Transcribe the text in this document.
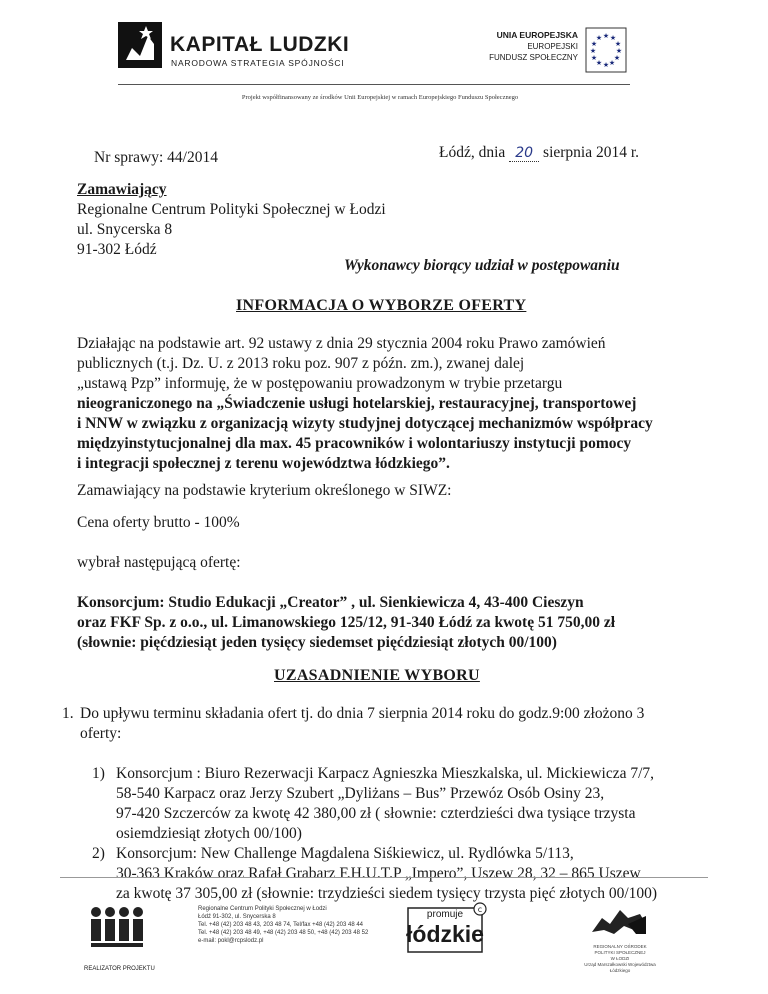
KAPITAŁ LUDZKI
NARODOWA STRATEGIA SPÓJNOŚCI
UNIA EUROPEJSKA
EUROPEJSKI
FUNDUSZ SPOŁECZNY
★ ★
★
★
★
★
★
★
★
★
★
★
Projekt współfinansowany ze środków Unii Europejskiej w ramach Europejskiego Funduszu Społecznego
Łódź, dnia 20 sierpnia 2014 r.
Nr sprawy: 44/2014
Zamawiający
Regionalne Centrum Polityki Społecznej w Łodzi
ul. Snycerska 8
91-302 Łódź
Wykonawcy biorący udział w postępowaniu
INFORMACJA O WYBORZE OFERTY
Działając na podstawie art. 92 ustawy z dnia 29 stycznia 2004 roku Prawo zamówień
publicznych (t.j. Dz. U. z 2013 roku poz. 907 z późn. zm.), zwanej dalej
„ustawą Pzp” informuję, że w postępowaniu prowadzonym w trybie przetargu
nieograniczonego na „Świadczenie usługi hotelarskiej, restauracyjnej, transportowej
i NNW w związku z organizacją wizyty studyjnej dotyczącej mechanizmów współpracy
międzyinstytucjonalnej dla max. 45 pracowników i wolontariuszy instytucji pomocy
i integracji społecznej z terenu województwa łódzkiego”.
Zamawiający na podstawie kryterium określonego w SIWZ:
Cena oferty brutto - 100%
wybrał następującą ofertę:
Konsorcjum: Studio Edukacji „Creator” , ul. Sienkiewicza 4, 43-400 Cieszyn
oraz FKF Sp. z o.o., ul. Limanowskiego 125/12, 91-340 Łódź za kwotę 51 750,00 zł
(słownie: pięćdziesiąt jeden tysięcy siedemset pięćdziesiąt złotych 00/100)
UZASADNIENIE WYBORU
1. Do upływu terminu składania ofert tj. do dnia 7 sierpnia 2014 roku do godz.9:00 złożono 3
oferty:
1) Konsorcjum : Biuro Rezerwacji Karpacz Agnieszka Mieszkalska, ul. Mickiewicza 7/7,
58-540 Karpacz oraz Jerzy Szubert „Dyliżans – Bus” Przewóz Osób Osiny 23,
97-420 Szczerców za kwotę 42 380,00 zł ( słownie: czterdzieści dwa tysiące trzysta
osiemdziesiąt złotych 00/100)
2) Konsorcjum: New Challenge Magdalena Siśkiewicz, ul. Rydlówka 5/113,
30-363 Kraków oraz Rafał Grabarz F.H.U.T.P „Impero”, Uszew 28, 32 – 865 Uszew
za kwotę 37 305,00 zł (słownie: trzydzieści siedem tysięcy trzysta pięć złotych 00/100)
REALIZATOR PROJEKTU
Regionalne Centrum Polityki Społecznej w Łodzi
Łódź 91-302, ul. Snycerska 8
Tel. +48 (42) 203 48 43, 203 48 74, Tel/fax +48 (42) 203 48 44
Tel. +48 (42) 203 48 49, +48 (42) 203 48 50, +48 (42) 203 48 52
e-mail: pokl@rcpslodz.pl
c
promuje
łódzkie	REGIONALNY OŚRODEK
POLITYKI SPOŁECZNEJ
W ŁODZI
Urząd Marszałkowski Województwa Łódzkiego
